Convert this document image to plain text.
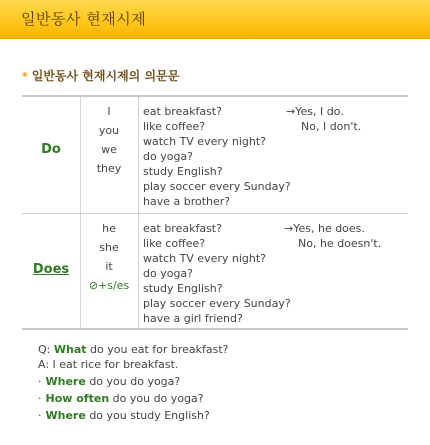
일반동사 현재시제
* 일반동사 현재시제의 의문문
Do
I
you
we
they
eat breakfast?
like coffee?
watch TV every night?
do yoga?
study English?
play soccer every Sunday?
have a brother?
→Yes, I do.
No, I don't.
Does
he
she
it
⊘+s/es
eat breakfast?
like coffee?
watch TV every night?
do yoga?
study English?
play soccer every Sunday?
have a girl friend?
→Yes, he does.
No, he doesn't.
Q: What do you eat for breakfast?
A: I eat rice for breakfast.
· Where do you do yoga?
· How often do you do yoga?
· Where do you study English?
